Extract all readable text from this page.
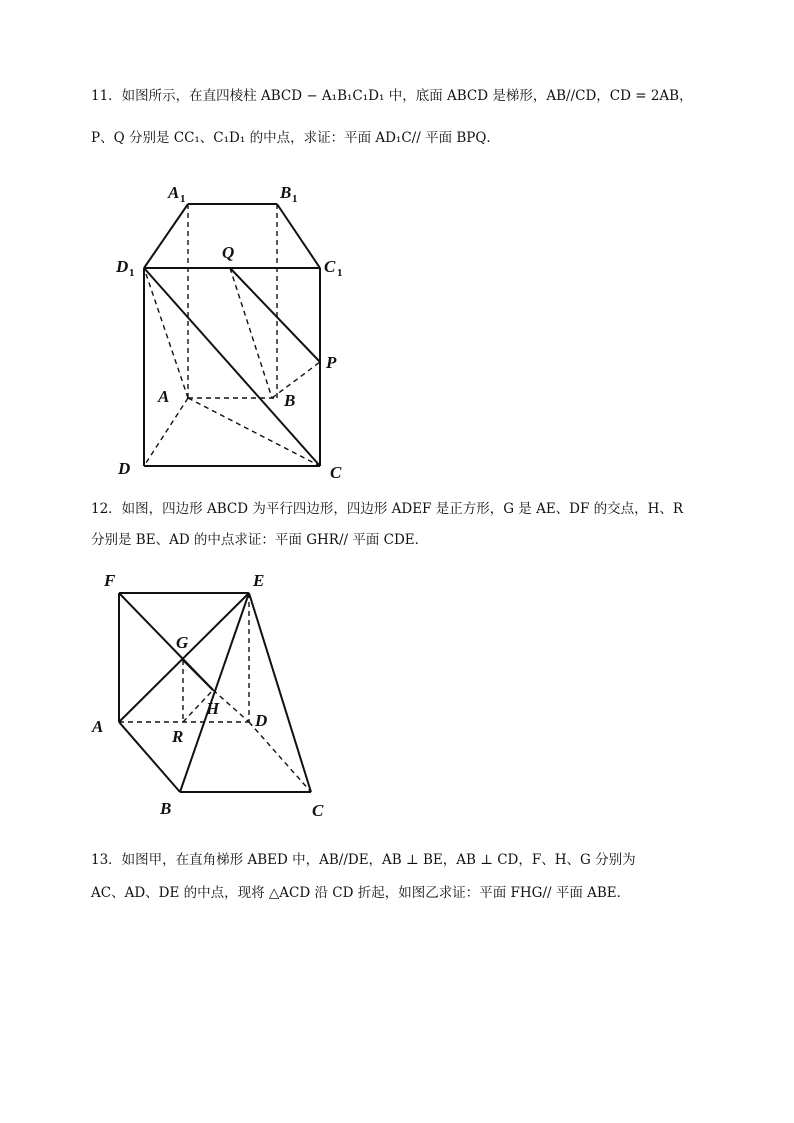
11．如图所示，在直四棱柱 ABCD − A₁B₁C₁D₁ 中，底面 ABCD 是梯形，AB//CD，CD = 2AB，
P、Q 分别是 CC₁、C₁D₁ 的中点，求证：平面 AD₁C// 平面 BPQ．
A 1	B 1
D 1	C 1
Q
P
A	B
D	C
12．如图，四边形 ABCD 为平行四边形，四边形 ADEF 是正方形，G 是 AE、DF 的交点，H、R
分别是 BE、AD 的中点求证：平面 GHR// 平面 CDE．
F	E
G
H
A	D
R
B	C
13．如图甲，在直角梯形 ABED 中，AB//DE，AB ⊥ BE，AB ⊥ CD，F、H、G 分别为
AC、AD、DE 的中点，现将 △ACD 沿 CD 折起，如图乙求证：平面 FHG// 平面 ABE．
